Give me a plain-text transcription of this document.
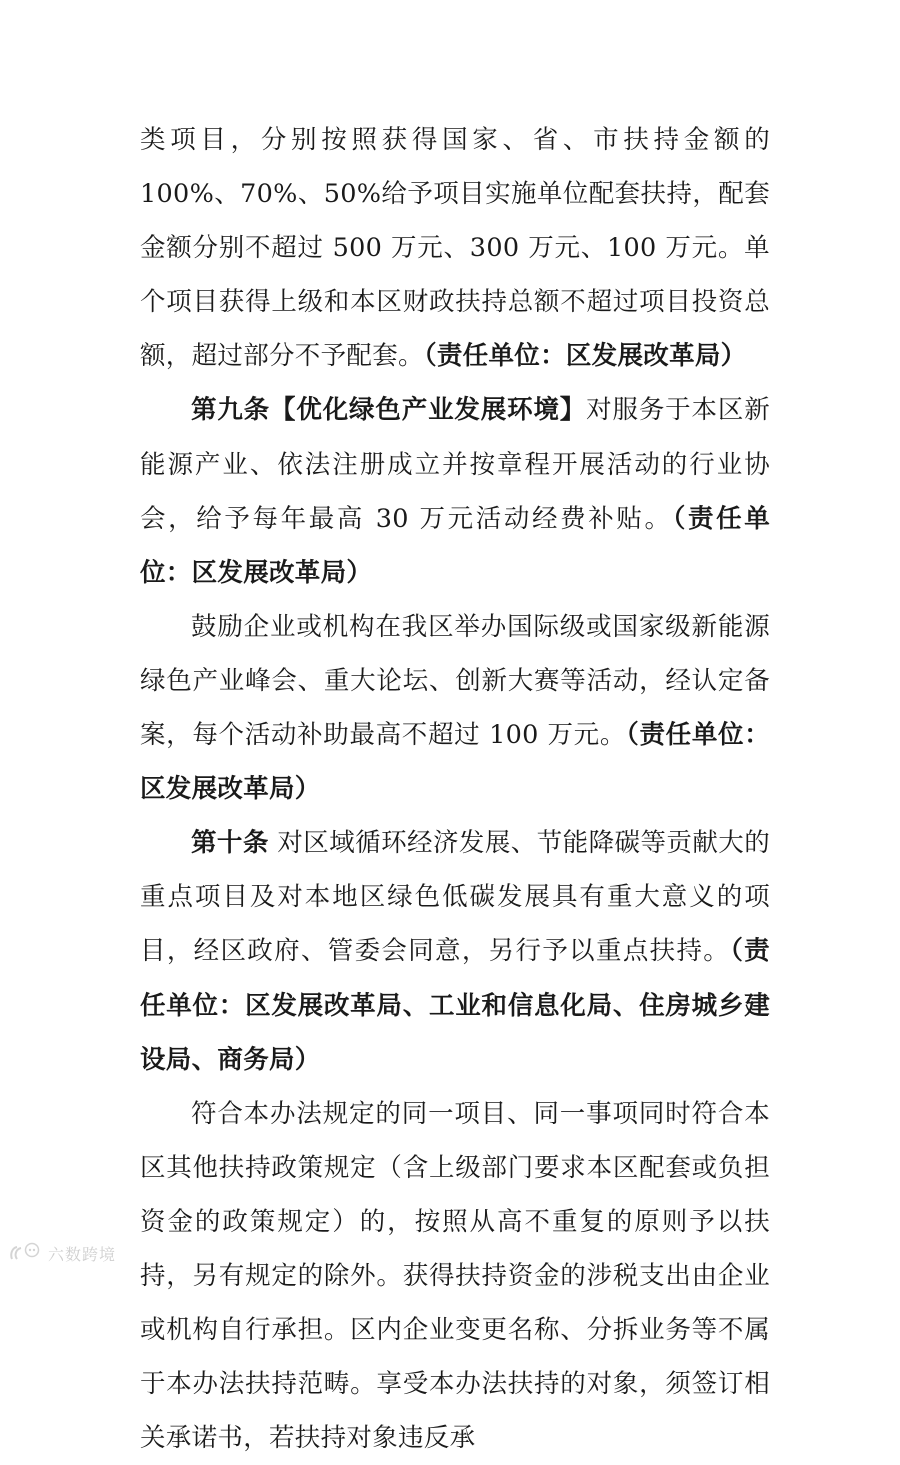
类项目，分别按照获得国家、省、市扶持金额的 100%、70%、50%给予项目实施单位配套扶持，配套金额分别不超过 500 万元、300 万元、100 万元。单个项目获得上级和本区财政扶持总额不超过项目投资总额，超过部分不予配套。（责任单位：区发展改革局）

第九条【优化绿色产业发展环境】对服务于本区新能源产业、依法注册成立并按章程开展活动的行业协会，给予每年最高 30 万元活动经费补贴。（责任单位：区发展改革局）

鼓励企业或机构在我区举办国际级或国家级新能源绿色产业峰会、重大论坛、创新大赛等活动，经认定备案，每个活动补助最高不超过 100 万元。（责任单位：区发展改革局）

第十条 对区域循环经济发展、节能降碳等贡献大的重点项目及对本地区绿色低碳发展具有重大意义的项目，经区政府、管委会同意，另行予以重点扶持。（责任单位：区发展改革局、工业和信息化局、住房城乡建设局、商务局）

符合本办法规定的同一项目、同一事项同时符合本区其他扶持政策规定（含上级部门要求本区配套或负担资金的政策规定）的，按照从高不重复的原则予以扶持，另有规定的除外。获得扶持资金的涉税支出由企业或机构自行承担。区内企业变更名称、分拆业务等不属于本办法扶持范畴。享受本办法扶持的对象，须签订相关承诺书，若扶持对象违反承

六数跨境
